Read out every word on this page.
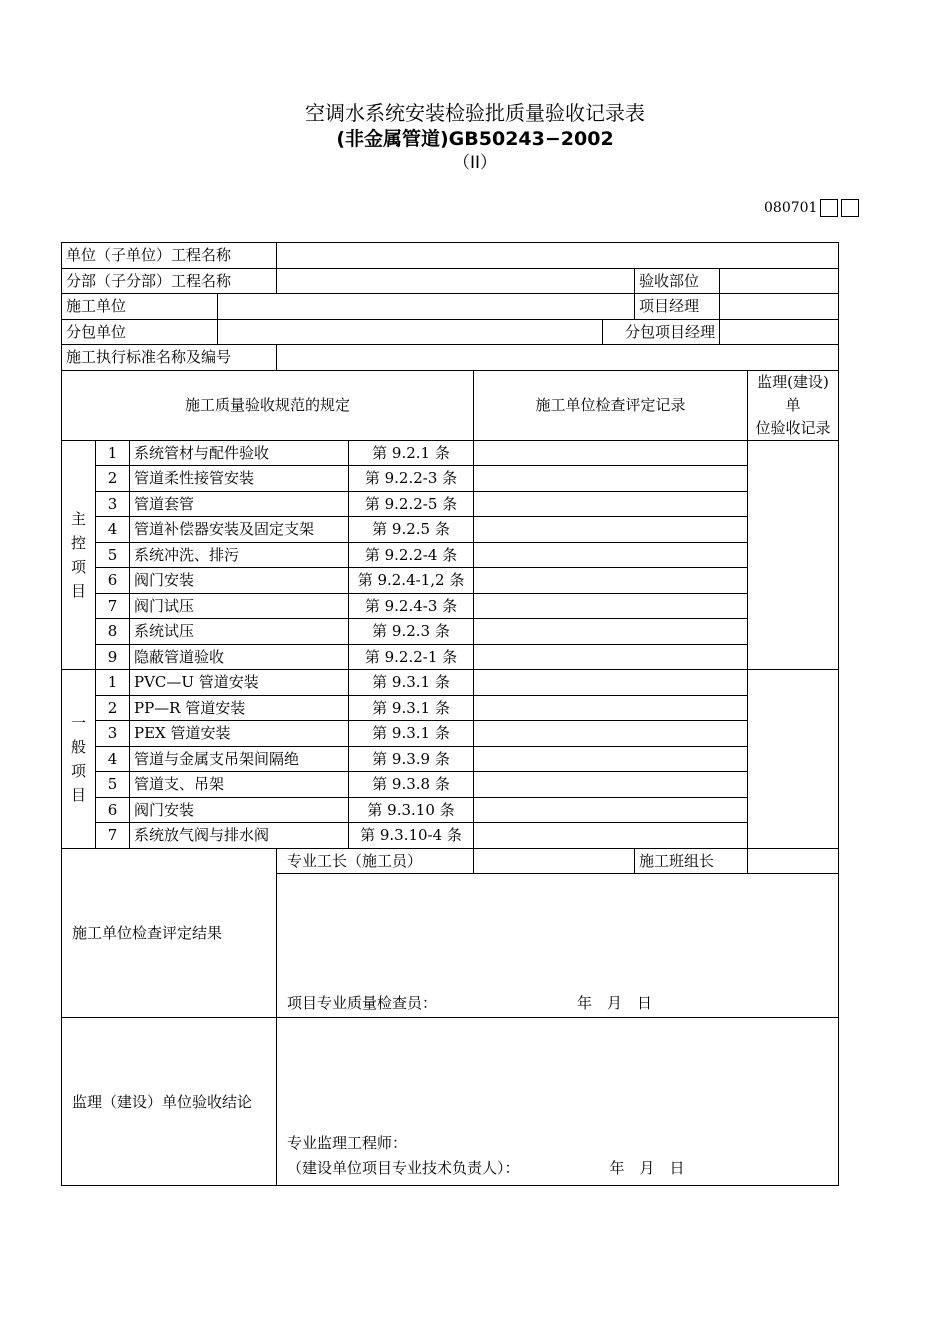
空调水系统安装检验批质量验收记录表
(非金属管道)GB50243−2002
（II）
080701
单位（子单位）工程名称										
分部（子分部）工程名称								验收部位		
施工单位								项目经理		
分包单位							分包项目经理			
施工执行标准名称及编号										
施工质量验收规范的规定						施工单位检查评定记录				监理(建设)单
位验收记录

主
控
项
目	1	系统管材与配件验收			第 9.2.1 条					
	2	管道柔性接管安装			第 9.2.2-3 条					
	3	管道套管			第 9.2.2-5 条					
	4	管道补偿器安装及固定支架			第 9.2.5 条					
	5	系统冲洗、排污			第 9.2.2-4 条					
	6	阀门安装			第 9.2.4-1,2 条					
	7	阀门试压			第 9.2.4-3 条					
	8	系统试压			第 9.2.3 条					
	9	隐蔽管道验收			第 9.2.2-1 条					

一
般
项
目	1	PVC—U 管道安装			第 9.3.1 条					
	2	PP—R 管道安装			第 9.3.1 条					
	3	PEX 管道安装			第 9.3.1 条					
	4	管道与金属支吊架间隔绝			第 9.3.9 条					
	5	管道支、吊架			第 9.3.8 条					
	6	阀门安装			第 9.3.10 条					
	7	系统放气阀与排水阀			第 9.3.10-4 条					
施工单位检查评定结果				专业工长（施工员）				施工班组长		

				项目专业质量检查员： 年　月　日						

监理（建设）单位验收结论				专业监理工程师：
（建设单位项目专业技术负责人）： 年　月　日						
